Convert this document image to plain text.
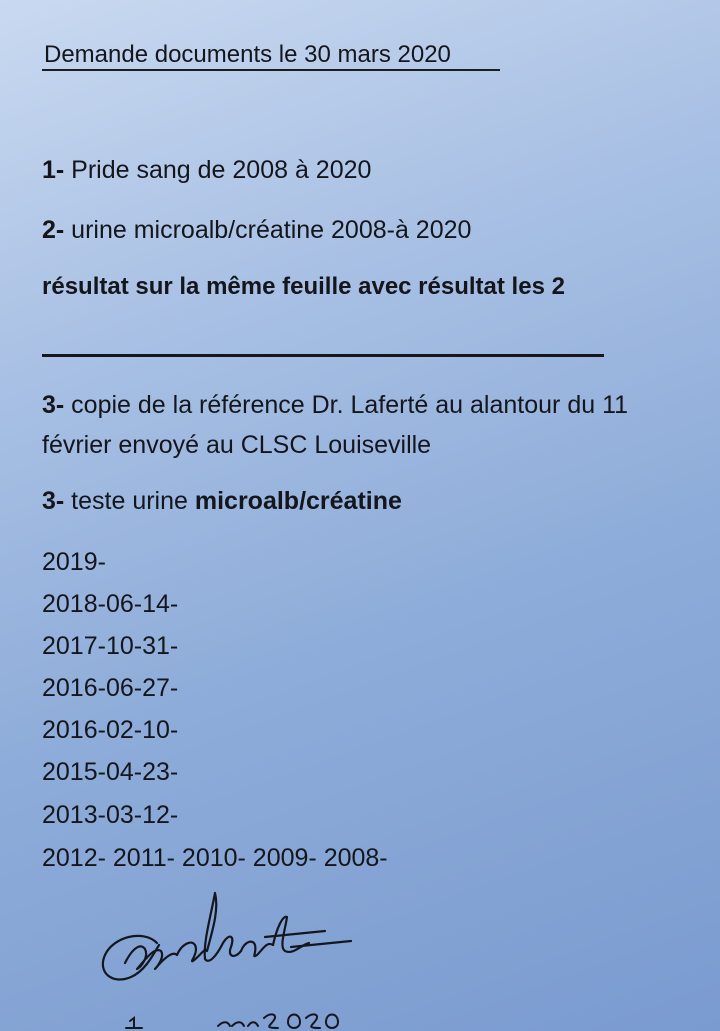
Demande documents le 30 mars 2020
1- Pride sang de 2008 à 2020
2- urine microalb/créatine 2008-à 2020
résultat sur la même feuille avec résultat les 2
3- copie de la référence Dr. Laferté au alantour du 11
février envoyé au CLSC Louiseville
3- teste urine microalb/créatine
2019-
2018-06-14-
2017-10-31-
2016-06-27-
2016-02-10-
2015-04-23-
2013-03-12-
2012- 2011- 2010- 2009- 2008-
